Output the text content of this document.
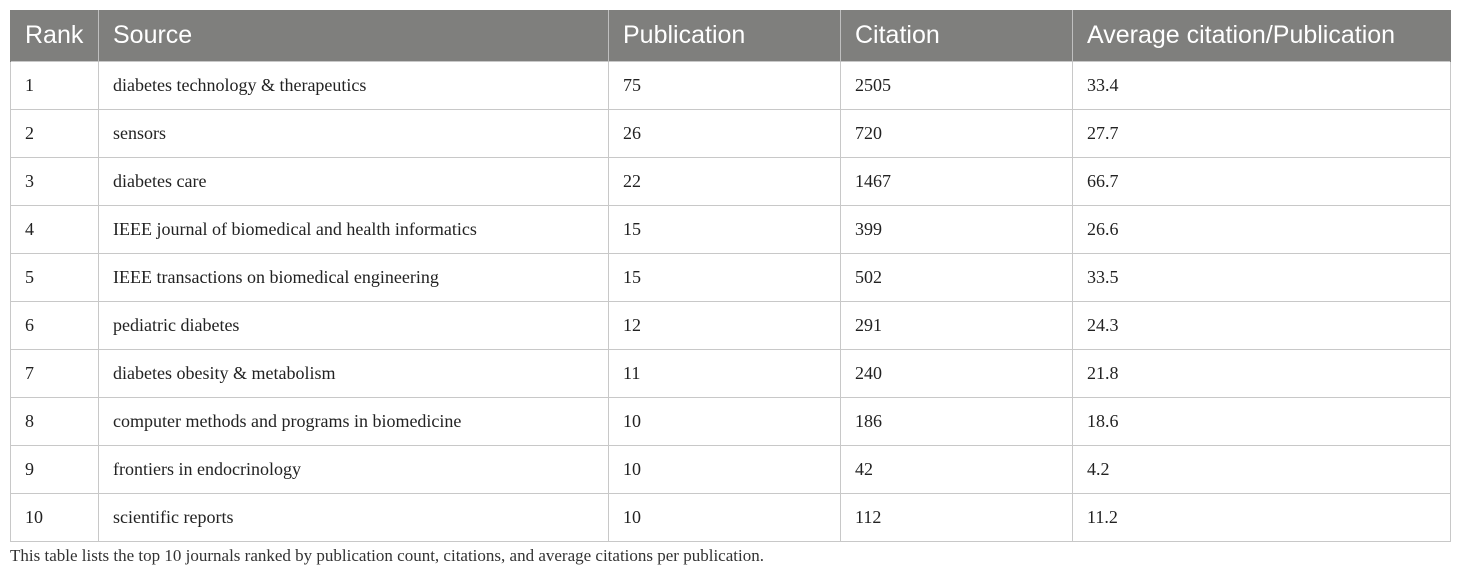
Rank	Source	Publication	Citation	Average citation/Publication
1	diabetes technology & therapeutics	75	2505	33.4
2	sensors	26	720	27.7
3	diabetes care	22	1467	66.7
4	IEEE journal of biomedical and health informatics	15	399	26.6
5	IEEE transactions on biomedical engineering	15	502	33.5
6	pediatric diabetes	12	291	24.3
7	diabetes obesity & metabolism	11	240	21.8
8	computer methods and programs in biomedicine	10	186	18.6
9	frontiers in endocrinology	10	42	4.2
10	scientific reports	10	112	11.2
This table lists the top 10 journals ranked by publication count, citations, and average citations per publication.
